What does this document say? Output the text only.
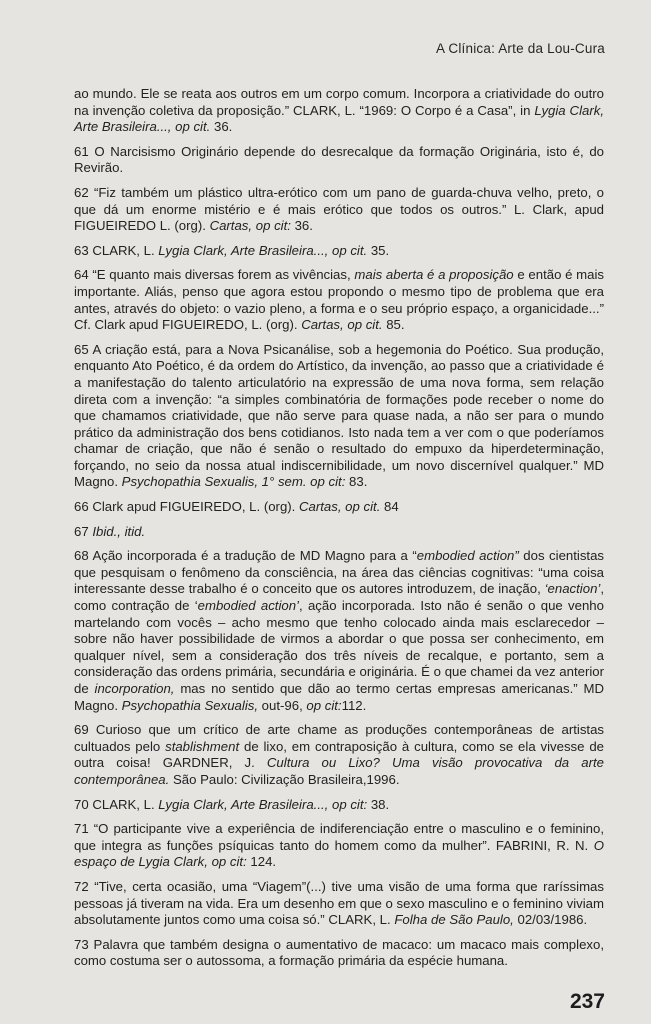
A Clínica: Arte da Lou-Cura

ao mundo. Ele se reata aos outros em um corpo comum. Incorpora a criatividade do outro na invenção coletiva da proposição.” CLARK, L. “1969: O Corpo é a Casa”, in Lygia Clark, Arte Brasileira..., op cit. 36.

61 O Narcisismo Originário depende do desrecalque da formação Originária, isto é, do Revirão.

62 “Fiz também um plástico ultra-erótico com um pano de guarda-chuva velho, preto, o que dá um enorme mistério e é mais erótico que todos os outros.” L. Clark, apud FIGUEIREDO L. (org). Cartas, op cit: 36.

63 CLARK, L. Lygia Clark, Arte Brasileira..., op cit. 35.

64 “E quanto mais diversas forem as vivências, mais aberta é a proposição e então é mais importante. Aliás, penso que agora estou propondo o mesmo tipo de problema que era antes, através do objeto: o vazio pleno, a forma e o seu próprio espaço, a organicidade...” Cf. Clark apud FIGUEIREDO, L. (org). Cartas, op cit. 85.

65 A criação está, para a Nova Psicanálise, sob a hegemonia do Poético. Sua produção, enquanto Ato Poético, é da ordem do Artístico, da invenção, ao passo que a criatividade é a manifestação do talento articulatório na expressão de uma nova forma, sem relação direta com a invenção: “a simples combinatória de formações pode receber o nome do que chamamos criatividade, que não serve para quase nada, a não ser para o mundo prático da administração dos bens cotidianos. Isto nada tem a ver com o que poderíamos chamar de criação, que não é senão o resultado do empuxo da hiperdeterminação, forçando, no seio da nossa atual indiscernibilidade, um novo discernível qualquer.” MD Magno. Psychopathia Sexualis, 1° sem. op cit: 83.

66 Clark apud FIGUEIREDO, L. (org). Cartas, op cit. 84

67 Ibid., itid.

68 Ação incorporada é a tradução de MD Magno para a “embodied action” dos cientistas que pesquisam o fenômeno da consciência, na área das ciências cognitivas: “uma coisa interessante desse trabalho é o conceito que os autores introduzem, de inação, ‘enaction’, como contração de ‘embodied action’, ação incorporada. Isto não é senão o que venho martelando com vocês – acho mesmo que tenho colocado ainda mais esclarecedor – sobre não haver possibilidade de virmos a abordar o que possa ser conhecimento, em qualquer nível, sem a consideração dos três níveis de recalque, e portanto, sem a consideração das ordens primária, secundária e originária. É o que chamei da vez anterior de incorporation, mas no sentido que dão ao termo certas empresas americanas.” MD Magno. Psychopathia Sexualis, out-96, op cit:112.

69 Curioso que um crítico de arte chame as produções contemporâneas de artistas cultuados pelo stablishment de lixo, em contraposição à cultura, como se ela vivesse de outra coisa! GARDNER, J. Cultura ou Lixo? Uma visão provocativa da arte contemporânea. São Paulo: Civilização Brasileira,1996.

70 CLARK, L. Lygia Clark, Arte Brasileira..., op cit: 38.

71 “O participante vive a experiência de indiferenciação entre o masculino e o feminino, que integra as funções psíquicas tanto do homem como da mulher”. FABRINI, R. N. O espaço de Lygia Clark, op cit: 124.

72 “Tive, certa ocasião, uma “Viagem”(...) tive uma visão de uma forma que raríssimas pessoas já tiveram na vida. Era um desenho em que o sexo masculino e o feminino viviam absolutamente juntos como uma coisa só.” CLARK, L. Folha de São Paulo, 02/03/1986.

73 Palavra que também designa o aumentativo de macaco: um macaco mais complexo, como costuma ser o autossoma, a formação primária da espécie humana.

237
